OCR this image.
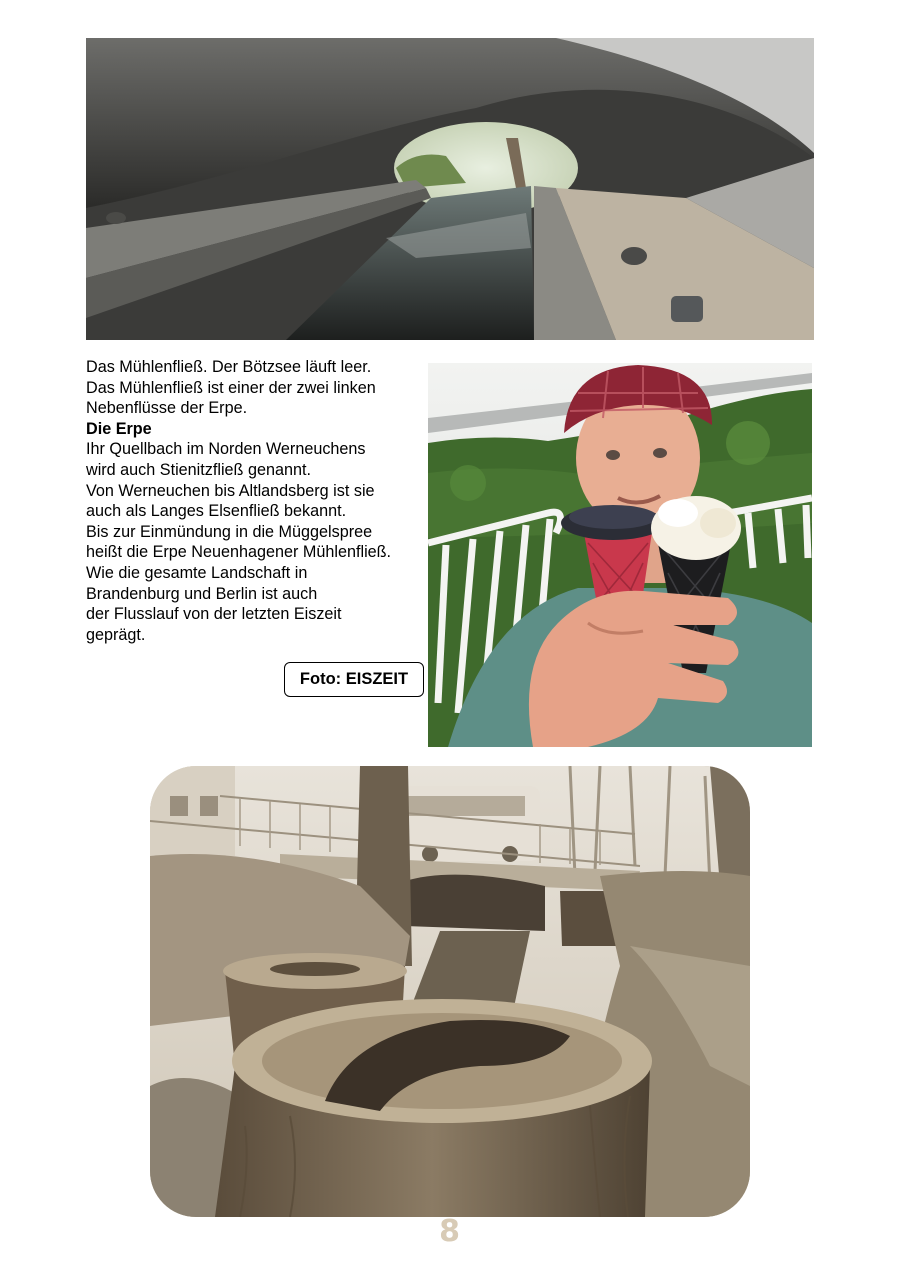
Das Mühlenfließ. Der Bötzsee läuft leer.

Das Mühlenfließ ist einer der zwei linken

Nebenflüsse der Erpe.

Die Erpe

Ihr Quellbach im Norden Werneuchens

wird auch Stienitzfließ genannt.

Von Werneuchen bis Altlandsberg ist sie

auch als Langes Elsenfließ bekannt.

Bis zur Einmündung in die Müggelspree

heißt die Erpe Neuenhagener Mühlenfließ.

Wie die gesamte Landschaft in

Brandenburg und Berlin ist auch

der Flusslauf von der letzten Eiszeit

geprägt.

Foto: EISZEIT
8
